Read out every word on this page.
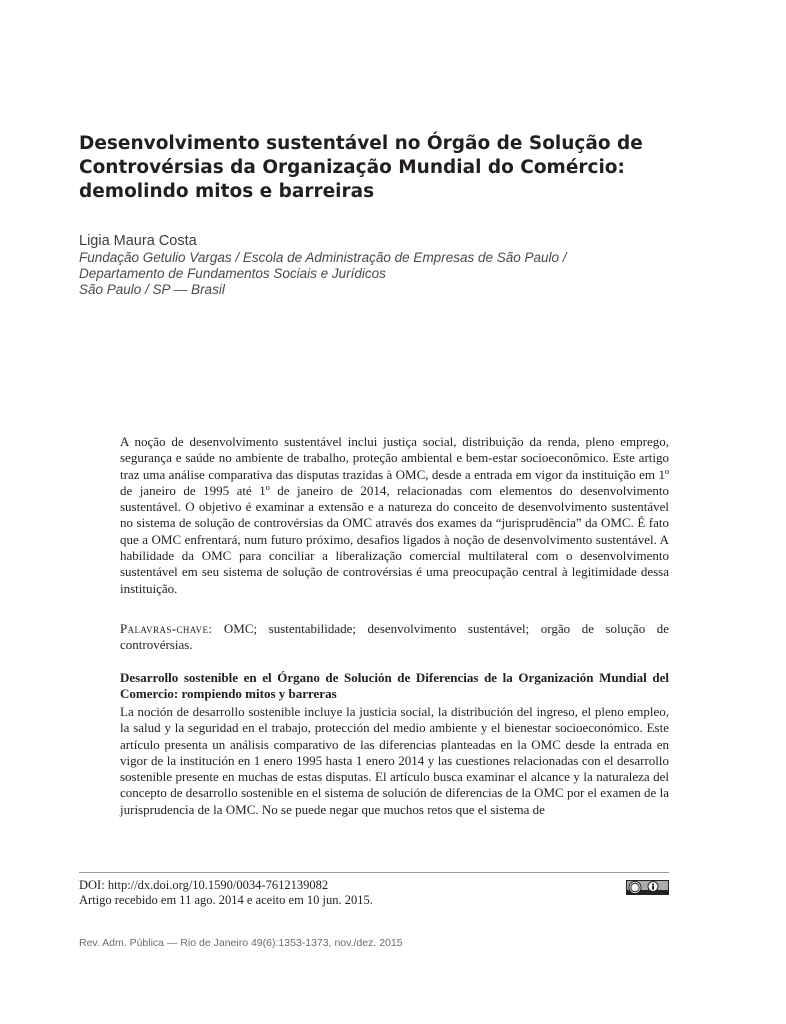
Desenvolvimento sustentável no Órgão de Solução de Controvérsias da Organização Mundial do Comércio: demolindo mitos e barreiras
Ligia Maura Costa
Fundação Getulio Vargas / Escola de Administração de Empresas de São Paulo /
Departamento de Fundamentos Sociais e Jurídicos
São Paulo / SP — Brasil

A noção de desenvolvimento sustentável inclui justiça social, distribuição da renda, pleno emprego, segurança e saúde no ambiente de trabalho, proteção ambiental e bem-estar socioeconômico. Este artigo traz uma análise comparativa das disputas trazidas à OMC, desde a entrada em vigor da instituição em 1º de janeiro de 1995 até 1º de janeiro de 2014, relacionadas com elementos do desenvolvimento sustentável. O objetivo é examinar a extensão e a natureza do conceito de desenvolvimento sustentável no sistema de solução de controvérsias da OMC através dos exames da “jurisprudência” da OMC. É fato que a OMC enfrentará, num futuro próximo, desafios ligados à noção de desenvolvimento sustentável. A habilidade da OMC para conciliar a liberalização comercial multilateral com o desenvolvimento sustentável em seu sistema de solução de controvérsias é uma preocupação central à legitimidade dessa instituição.

Palavras-chave: OMC; sustentabilidade; desenvolvimento sustentável; orgão de solução de controvérsias.

Desarrollo sostenible en el Órgano de Solución de Diferencias de la Organización Mundial del Comercio: rompiendo mitos y barreras

La noción de desarrollo sostenible incluye la justicia social, la distribución del ingreso, el pleno empleo, la salud y la seguridad en el trabajo, protección del medio ambiente y el bienestar socioeconómico. Este artículo presenta un análisis comparativo de las diferencias planteadas en la OMC desde la entrada en vigor de la institución en 1 enero 1995 hasta 1 enero 2014 y las cuestiones relacionadas con el desarrollo sostenible presente en muchas de estas disputas. El artículo busca examinar el alcance y la naturaleza del concepto de desarrollo sostenible en el sistema de solución de diferencias de la OMC por el examen de la jurisprudencia de la OMC. No se puede negar que muchos retos que el sistema de

DOI: http://dx.doi.org/10.1590/0034-7612139082
Artigo recebido em 11 ago. 2014 e aceito em 10 jun. 2015.
Rev. Adm. Pública — Rio de Janeiro 49(6):1353-1373, nov./dez. 2015
